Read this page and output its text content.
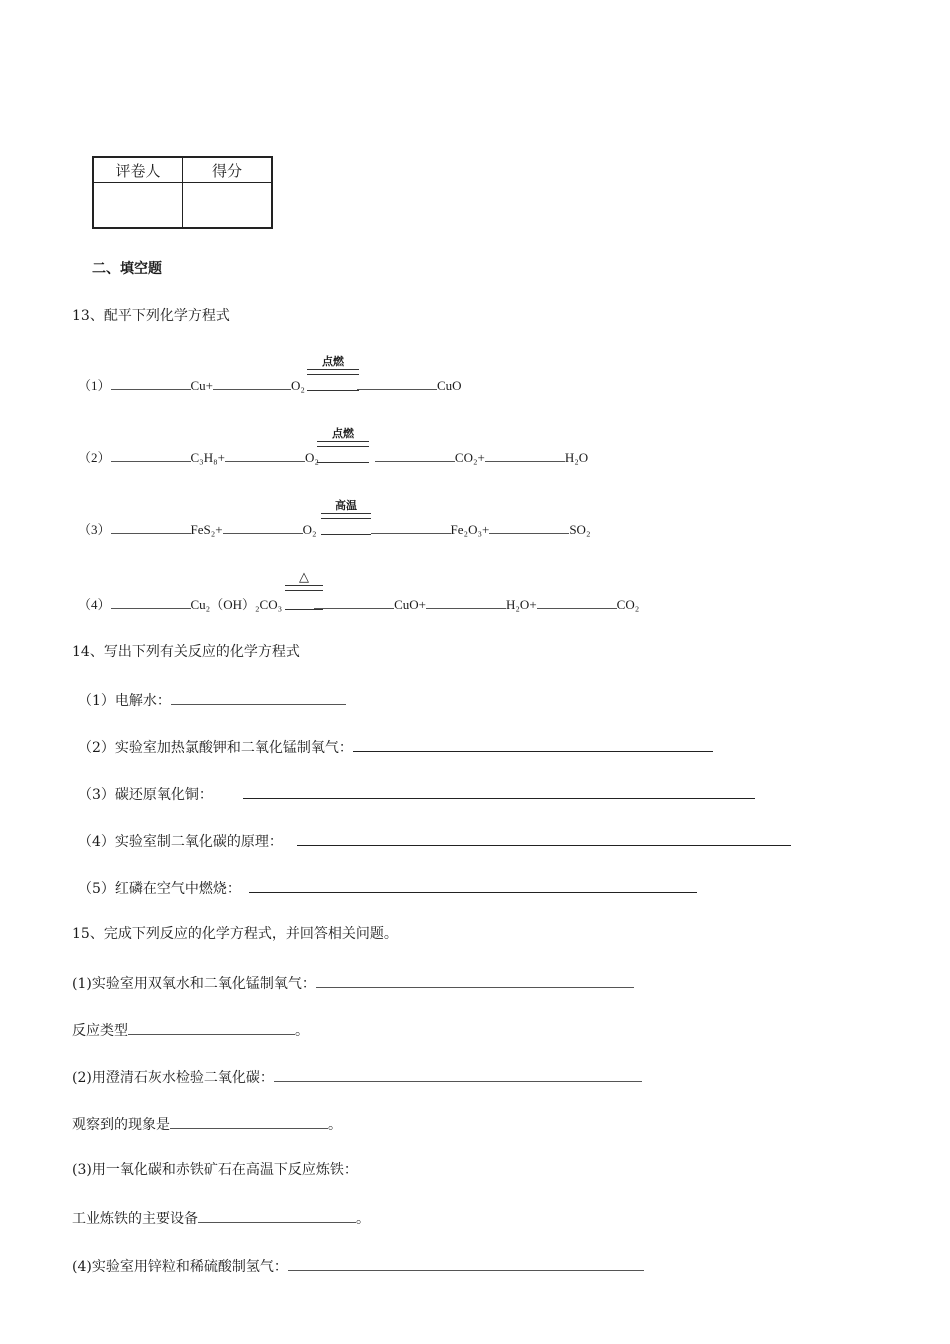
评卷人	得分

二、填空题
13、配平下列化学方程式
点燃
（1）	Cu+	O₂	CuO
点燃
（2）	C₃H₈+	O₂	CO₂+	H₂O
高温
（3）	FeS₂+	O₂	Fe₂O₃+	SO₂
△
（4）	Cu₂（OH）₂CO₃	CuO+	H₂O+	CO₂
14、写出下列有关反应的化学方程式
（1）电解水：
（2）实验室加热氯酸钾和二氧化锰制氧气：
（3）碳还原氧化铜：
（4）实验室制二氧化碳的原理：
（5）红磷在空气中燃烧：
15、完成下列反应的化学方程式，并回答相关问题。
(1)实验室用双氧水和二氧化锰制氧气：
反应类型	。
(2)用澄清石灰水检验二氧化碳：
观察到的现象是	。
(3)用一氧化碳和赤铁矿石在高温下反应炼铁：
工业炼铁的主要设备	。
(4)实验室用锌粒和稀硫酸制氢气：
